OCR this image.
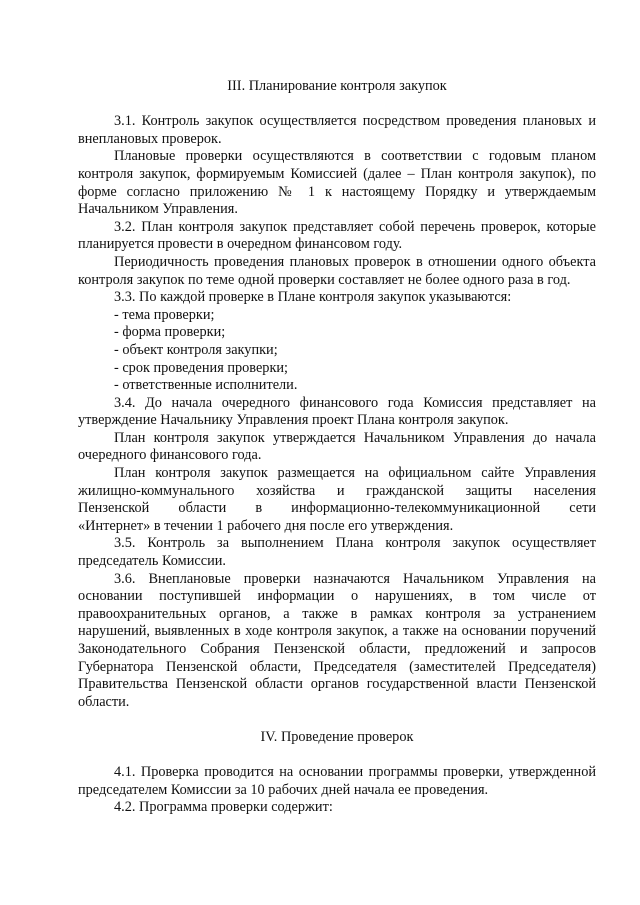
III. Планирование контроля закупок

3.1. Контроль закупок осуществляется посредством проведения плановых и внеплановых проверок.

Плановые проверки осуществляются в соответствии с годовым планом контроля закупок, формируемым Комиссией (далее – План контроля закупок), по форме согласно приложению № 1 к настоящему Порядку и утверждаемым Начальником Управления.

3.2. План контроля закупок представляет собой перечень проверок, которые планируется провести в очередном финансовом году.

Периодичность проведения плановых проверок в отношении одного объекта контроля закупок по теме одной проверки составляет не более одного раза в год.

3.3. По каждой проверке в Плане контроля закупок указываются:

- тема проверки;

- форма проверки;

- объект контроля закупки;

- срок проведения проверки;

- ответственные исполнители.

3.4. До начала очередного финансового года Комиссия представляет на утверждение Начальнику Управления проект Плана контроля закупок.

План контроля закупок утверждается Начальником Управления до начала очередного финансового года.

План контроля закупок размещается на официальном сайте Управления

жилищно-коммунального хозяйства и гражданской защиты населения

Пензенской области в информационно-телекоммуникационной сети

«Интернет» в течении 1 рабочего дня после его утверждения.

3.5. Контроль за выполнением Плана контроля закупок осуществляет председатель Комиссии.

3.6. Внеплановые проверки назначаются Начальником Управления на основании поступившей информации о нарушениях, в том числе от правоохранительных органов, а также в рамках контроля за устранением нарушений, выявленных в ходе контроля закупок, а также на основании поручений Законодательного Собрания Пензенской области, предложений и запросов Губернатора Пензенской области, Председателя (заместителей Председателя) Правительства Пензенской области органов государственной власти Пензенской области.

IV. Проведение проверок

4.1. Проверка проводится на основании программы проверки, утвержденной председателем Комиссии за 10 рабочих дней начала ее проведения.

4.2. Программа проверки содержит:
